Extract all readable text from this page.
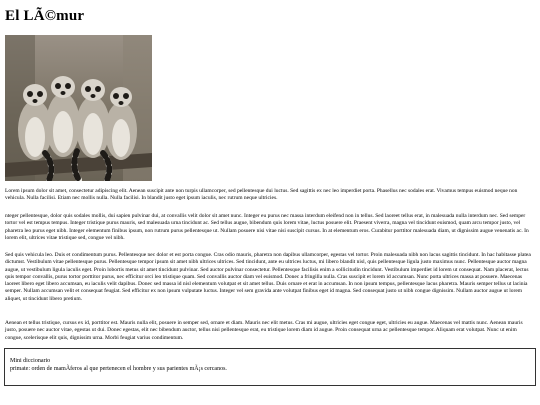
El LÃ©mur

Lorem ipsum dolor sit amet, consectetur adipiscing elit. Aenean suscipit ante non turpis ullamcorper, sed pellentesque dui luctus. Sed sagittis ex nec leo imperdiet porta. Phasellus nec sodales erat. Vivamus tempus euismod neque non vehicula. Nulla facilisi. Etiam nec mollis nulla. Nulla facilisi. In blandit justo eget ipsum iaculis, nec rutrum neque ultricies.

nteger pellentesque, dolor quis sodales mollis, dui sapien pulvinar dui, at convallis velit dolor sit amet nunc. Integer eu purus nec massa interdum eleifend non in tellus. Sed laoreet tellus erat, in malesuada nulla interdum nec. Sed semper tortor vel est tempus tempus. Integer tristique purus mauris, sed malesuada urna tincidunt ac. Sed tellus augue, bibendum quis lorem vitae, luctus posuere elit. Praesent viverra, magna vel tincidunt euismod, quam arcu tempor justo, vel pharetra leo purus eget nibh. Integer elementum finibus ipsum, non rutrum purus pellentesque ut. Nullam posuere nisi vitae nisi suscipit cursus. In at elementum eros. Curabitur porttitor malesuada diam, ut dignissim augue venenatis ac. In lorem elit, ultrices vitae tristique sed, congue vel nibh.

Sed quis vehicula leo. Duis et condimentum purus. Pellentesque nec dolor et est porta congue. Cras odio mauris, pharetra non dapibus ullamcorper, egestas vel tortor. Proin malesuada nibh non lacus sagittis tincidunt. In hac habitasse platea dictumst. Vestibulum vitae pellentesque purus. Pellentesque tempor ipsum sit amet nibh ultrices ultrices. Sed tincidunt, ante eu ultrices luctus, mi libero blandit nisl, quis pellentesque ligula justo maximus nunc. Pellentesque auctor magna augue, ut vestibulum ligula iaculis eget. Proin lobortis metus sit amet tincidunt pulvinar. Sed auctor pulvinar consectetur. Pellentesque facilisis enim a sollicitudin tincidunt. Vestibulum imperdiet id lorem ut consequat. Nam placerat, lectus quis tempor convallis, purus tortor porttitor purus, nec efficitur orci leo tristique quam. Sed convallis auctor diam vel euismod. Donec a fringilla nulla. Cras suscipit et lorem id accumsan. Nunc porta ultrices massa at posuere. Maecenas laoreet libero eget libero accumsan, eu iaculis velit dapibus. Donec sed massa id nisl elementum volutpat et sit amet tellus. Duis ornare et erat in accumsan. In non ipsum tempus, pellentesque lacus pharetra. Mauris semper tellus ut lacinia semper. Nullam accumsan velit et consequat feugiat. Sed efficitur ex non ipsum vulputate luctus. Integer vel sem gravida ante volutpat finibus eget id magna. Sed consequat justo ut nibh congue dignissim. Nullam auctor augue ut lorem aliquet, ut tincidunt libero pretium.

Aenean et tellus tristique, cursus ex id, porttitor est. Mauris nulla elit, posuere in semper sed, ornare et diam. Mauris nec elit metus. Cras mi augue, ultricies eget congue eget, ultricies eu augue. Maecenas vel mattis nunc. Aenean mauris justo, posuere nec auctor vitae, egestas ut dui. Donec egestas, elit nec bibendum auctor, tellus nisi pellentesque erat, eu tristique lorem diam id augue. Proin consequat urna ac pellentesque tempor. Aliquam erat volutpat. Nunc ut enim congue, scelerisque elit quis, dignissim urna. Morbi feugiat varius condimentum.

Mini diccionario
primate: orden de mamÃferos al que pertenecen el hombre y sus parientes mÃ¡s cercanos.
